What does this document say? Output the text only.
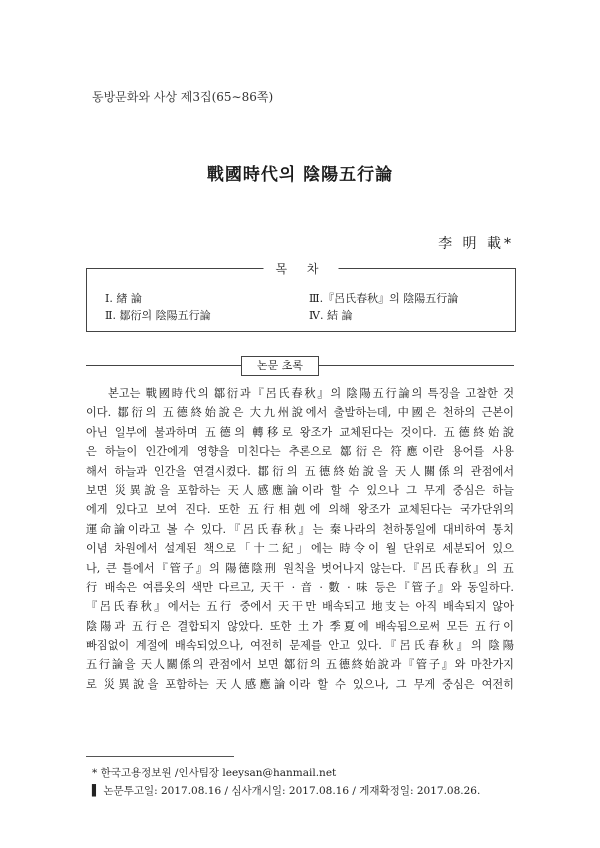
동방문화와 사상 제3집(65∼86쪽)
戰國時代의 陰陽五行論
李 明 載*
목 차
Ⅰ. 緖 論
Ⅱ. 鄒衍의 陰陽五行論
Ⅲ.『呂氏春秋』의 陰陽五行論
Ⅳ. 結 論
논문 초록
본고는 戰國時代의 鄒衍과『呂氏春秋』의 陰陽五行論의 특징을 고찰한 것
이다. 鄒衍의 五德終始說은 大九州說에서 출발하는데, 中國은 천하의 근본이
아닌 일부에 불과하며 五德의 轉移로 왕조가 교체된다는 것이다. 五德終始說
은 하늘이 인간에게 영향을 미친다는 추론으로 鄒衍은 符應이란 용어를 사용
해서 하늘과 인간을 연결시켰다. 鄒衍의 五德終始說을 天人關係의 관점에서
보면 災異說을 포함하는 天人感應論이라 할 수 있으나 그 무게 중심은 하늘
에게 있다고 보여 진다. 또한 五行相剋에 의해 왕조가 교체된다는 국가단위의
運命論이라고 볼 수 있다.『呂氏春秋』는 秦나라의 천하통일에 대비하여 통치
이념 차원에서 설계된 책으로「十二紀」에는 時令이 월 단위로 세분되어 있으
나, 큰 틀에서『管子』의 陽德陰刑 원칙을 벗어나지 않는다.『呂氏春秋』의 五
行 배속은 여름옷의 색만 다르고, 天干 · 音 · 數 · 味 등은『管子』와 동일하다.
『呂氏春秋』에서는 五行 중에서 天干만 배속되고 地支는 아직 배속되지 않아
陰陽과 五行은 결합되지 않았다. 또한 土가 季夏에 배속됨으로써 모든 五行이
빠짐없이 계절에 배속되었으나, 여전히 문제를 안고 있다.『呂氏春秋』의 陰陽
五行論을 天人關係의 관점에서 보면 鄒衍의 五德終始說과『管子』와 마찬가지
로 災異說을 포함하는 天人感應論이라 할 수 있으나, 그 무게 중심은 여전히
* 한국고용정보원 /인사팀장 leeysan@hanmail.net
▌ 논문투고일: 2017.08.16 / 심사개시일: 2017.08.16 / 게재확정일: 2017.08.26.
